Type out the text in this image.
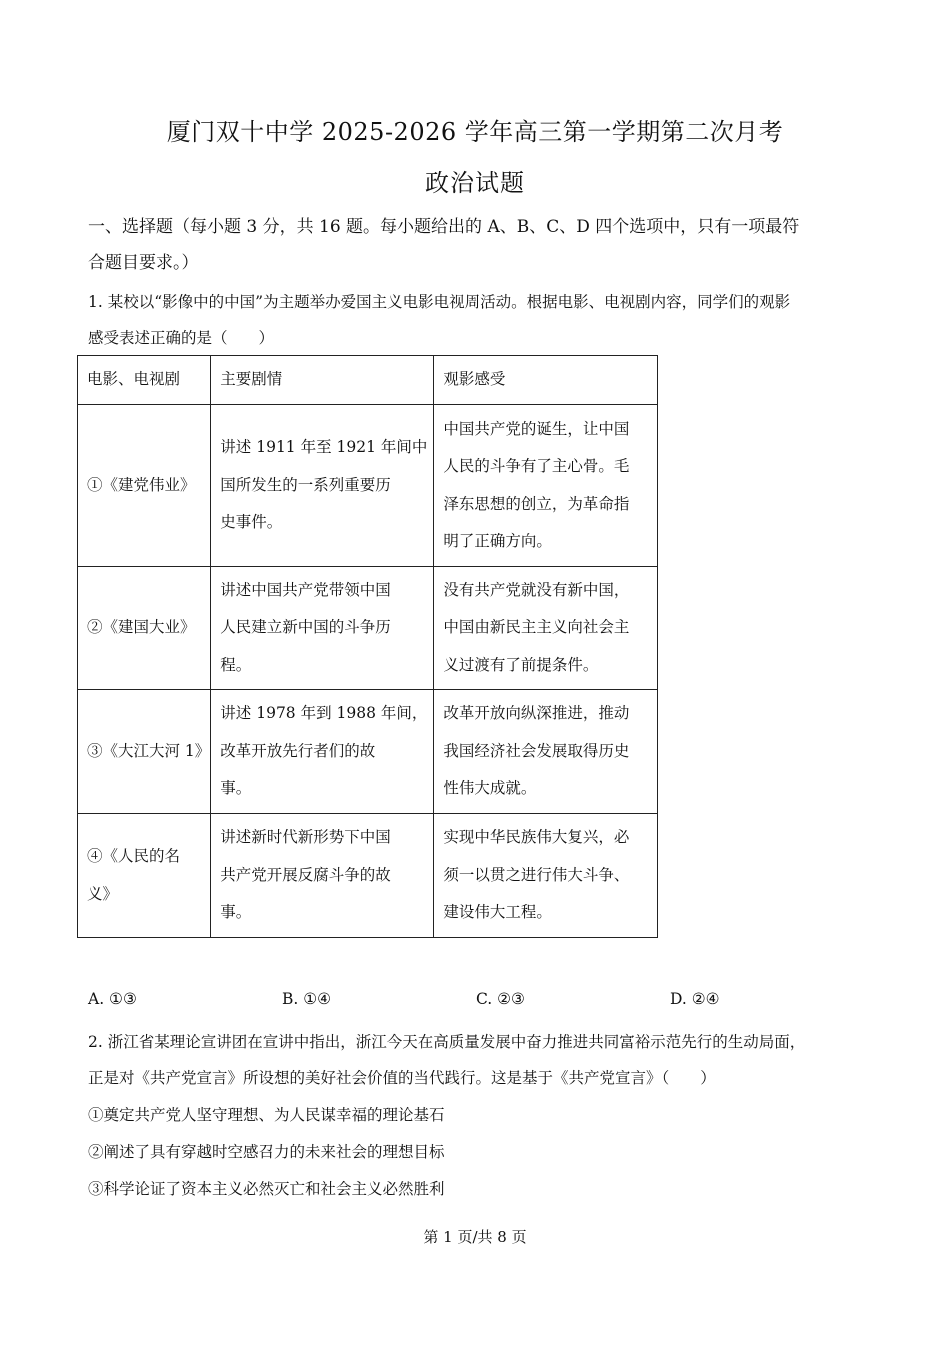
厦门双十中学 2025-2026 学年高三第一学期第二次月考
政治试题
一、选择题（每小题 3 分，共 16 题。每小题给出的 A、B、C、D 四个选项中，只有一项最符
合题目要求。）
1. 某校以“影像中的中国”为主题举办爱国主义电影电视周活动。根据电影、电视剧内容，同学们的观影
感受表述正确的是（　　）
电影、电视剧	主要剧情	观影感受

①《建党伟业》	讲述 1911 年至 1921 年间中
国所发生的一系列重要历
史事件。	中国共产党的诞生，让中国
人民的斗争有了主心骨。毛
泽东思想的创立，为革命指
明了正确方向。

②《建国大业》	讲述中国共产党带领中国
人民建立新中国的斗争历
程。	没有共产党就没有新中国，
中国由新民主主义向社会主
义过渡有了前提条件。

③《大江大河 1》	讲述 1978 年到 1988 年间，
改革开放先行者们的故
事。	改革开放向纵深推进，推动
我国经济社会发展取得历史
性伟大成就。

④《人民的名
义》	讲述新时代新形势下中国
共产党开展反腐斗争的故
事。	实现中华民族伟大复兴，必
须一以贯之进行伟大斗争、
建设伟大工程。
A. ①③	B. ①④	C. ②③	D. ②④
2. 浙江省某理论宣讲团在宣讲中指出，浙江今天在高质量发展中奋力推进共同富裕示范先行的生动局面，
正是对《共产党宣言》所设想的美好社会价值的当代践行。这是基于《共产党宣言》（　　）
①奠定共产党人坚守理想、为人民谋幸福的理论基石
②阐述了具有穿越时空感召力的未来社会的理想目标
③科学论证了资本主义必然灭亡和社会主义必然胜利
第 1 页/共 8 页
